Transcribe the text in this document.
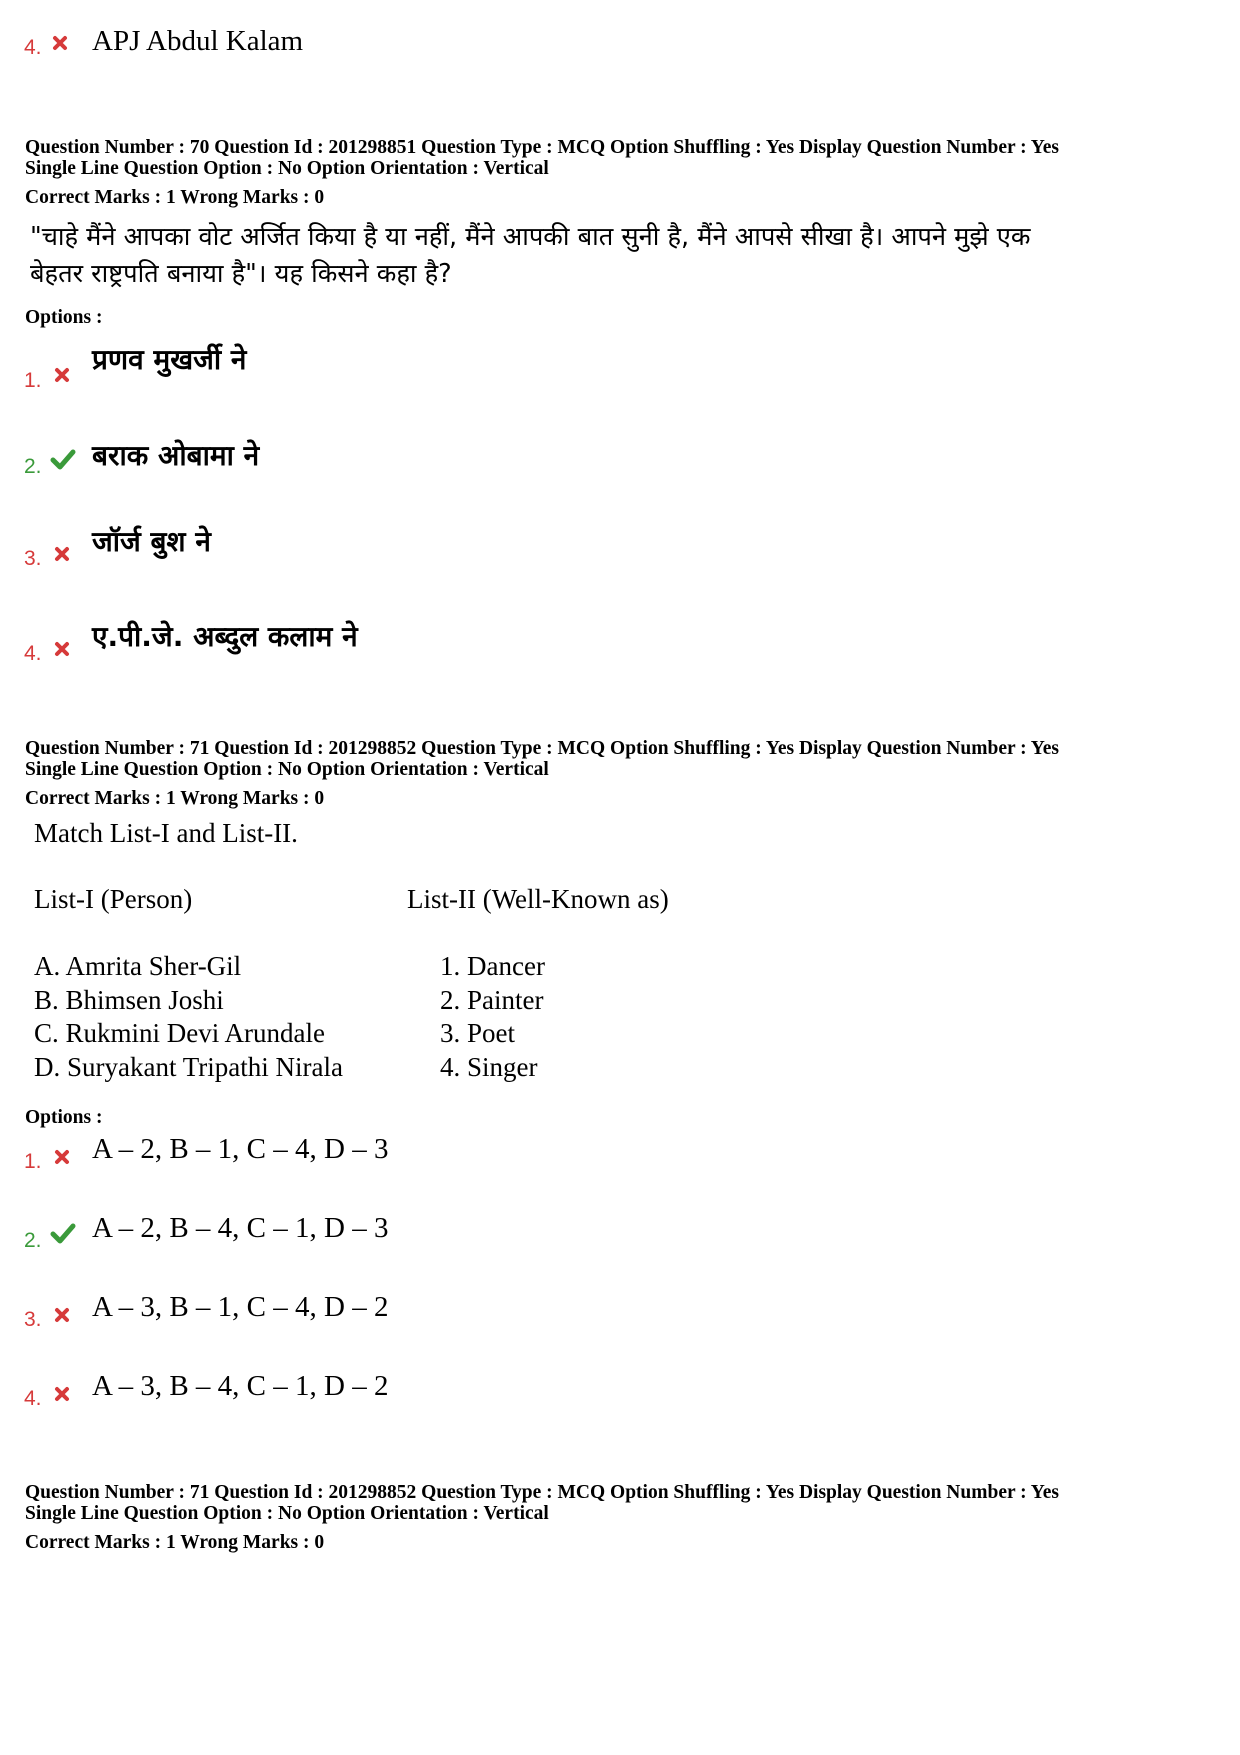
4. APJ Abdul Kalam
Question Number : 70 Question Id : 201298851 Question Type : MCQ Option Shuffling : Yes Display Question Number : Yes
Single Line Question Option : No Option Orientation : Vertical
Correct Marks : 1 Wrong Marks : 0
"चाहे मैंने आपका वोट अर्जित किया है या नहीं, मैंने आपकी बात सुनी है, मैंने आपसे सीखा है। आपने मुझे एक
बेहतर राष्ट्रपति बनाया है"। यह किसने कहा है?
Options :
1.
प्रणव मुखर्जी ने
2. बराक ओबामा ने
3.
जॉर्ज बुश ने
4.
ए.पी.जे. अब्दुल कलाम ने
Question Number : 71 Question Id : 201298852 Question Type : MCQ Option Shuffling : Yes Display Question Number : Yes
Single Line Question Option : No Option Orientation : Vertical
Correct Marks : 1 Wrong Marks : 0
Match List-I and List-II.
List-I (Person)	List-II (Well-Known as)
A. Amrita Sher-Gil
B. Bhimsen Joshi
C. Rukmini Devi Arundale
D. Suryakant Tripathi Nirala
1. Dancer
2. Painter
3. Poet
4. Singer
Options :
1. A – 2, B – 1, C – 4, D – 3
2. A – 2, B – 4, C – 1, D – 3
3. A – 3, B – 1, C – 4, D – 2
4. A – 3, B – 4, C – 1, D – 2
Question Number : 71 Question Id : 201298852 Question Type : MCQ Option Shuffling : Yes Display Question Number : Yes
Single Line Question Option : No Option Orientation : Vertical
Correct Marks : 1 Wrong Marks : 0
